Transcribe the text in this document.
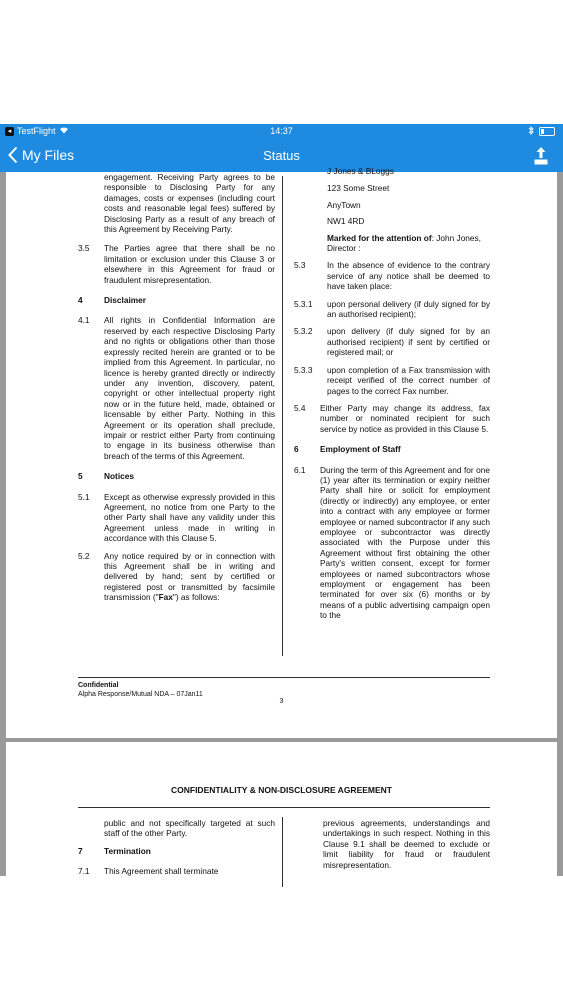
◂ TestFlight	14:37
My Files	Status
engagement. Receiving Party agrees to be responsible to Disclosing Party for any damages, costs or expenses (including court costs and reasonable legal fees) suffered by Disclosing Party as a result of any breach of this Agreement by Receiving Party.
3.5	The Parties agree that there shall be no limitation or exclusion under this Clause 3 or elsewhere in this Agreement for fraud or fraudulent misrepresentation.
4	Disclaimer
4.1	All rights in Confidential Information are reserved by each respective Disclosing Party and no rights or obligations other than those expressly recited herein are granted or to be implied from this Agreement. In particular, no licence is hereby granted directly or indirectly under any invention, discovery, patent, copyright or other intellectual property right now or in the future held, made, obtained or licensable by either Party. Nothing in this Agreement or its operation shall preclude, impair or restrict either Party from continuing to engage in its business otherwise than breach of the terms of this Agreement.
5	Notices
5.1	Except as otherwise expressly provided in this Agreement, no notice from one Party to the other Party shall have any validity under this Agreement unless made in writing in accordance with this Clause 5.
5.2	Any notice required by or in connection with this Agreement shall be in writing and delivered by hand; sent by certified or registered post or transmitted by facsimile transmission ("Fax") as follows:
J Jones & BLoggs
123 Some Street
AnyTown
NW1 4RD
Marked for the attention of: John Jones, Director :
5.3	In the absence of evidence to the contrary service of any notice shall be deemed to have taken place:
5.3.1	upon personal delivery (if duly signed for by an authorised recipient);
5.3.2	upon delivery (if duly signed for by an authorised recipient) if sent by certified or registered mail; or
5.3.3	upon completion of a Fax transmission with receipt verified of the correct number of pages to the correct Fax number.
5.4	Either Party may change its address, fax number or nominated recipient for such service by notice as provided in this Clause 5.
6	Employment of Staff
6.1	During the term of this Agreement and for one (1) year after its termination or expiry neither Party shall hire or solicit for employment (directly or indirectly) any employee, or enter into a contract with any employee or former employee or named subcontractor if any such employee or subcontractor was directly associated with the Purpose under this Agreement without first obtaining the other Party's written consent, except for former employees or named subcontractors whose employment or engagement has been terminated for over six (6) months or by means of a public advertising campaign open to the
Confidential
Alpha Response/Mutual NDA – 07Jan11
3
CONFIDENTIALITY & NON-DISCLOSURE AGREEMENT
public and not specifically targeted at such staff of the other Party.
7	Termination
7.1	This Agreement shall terminate
previous agreements, understandings and undertakings in such respect. Nothing in this Clause 9.1 shall be deemed to exclude or limit liability for fraud or fraudulent misrepresentation.
